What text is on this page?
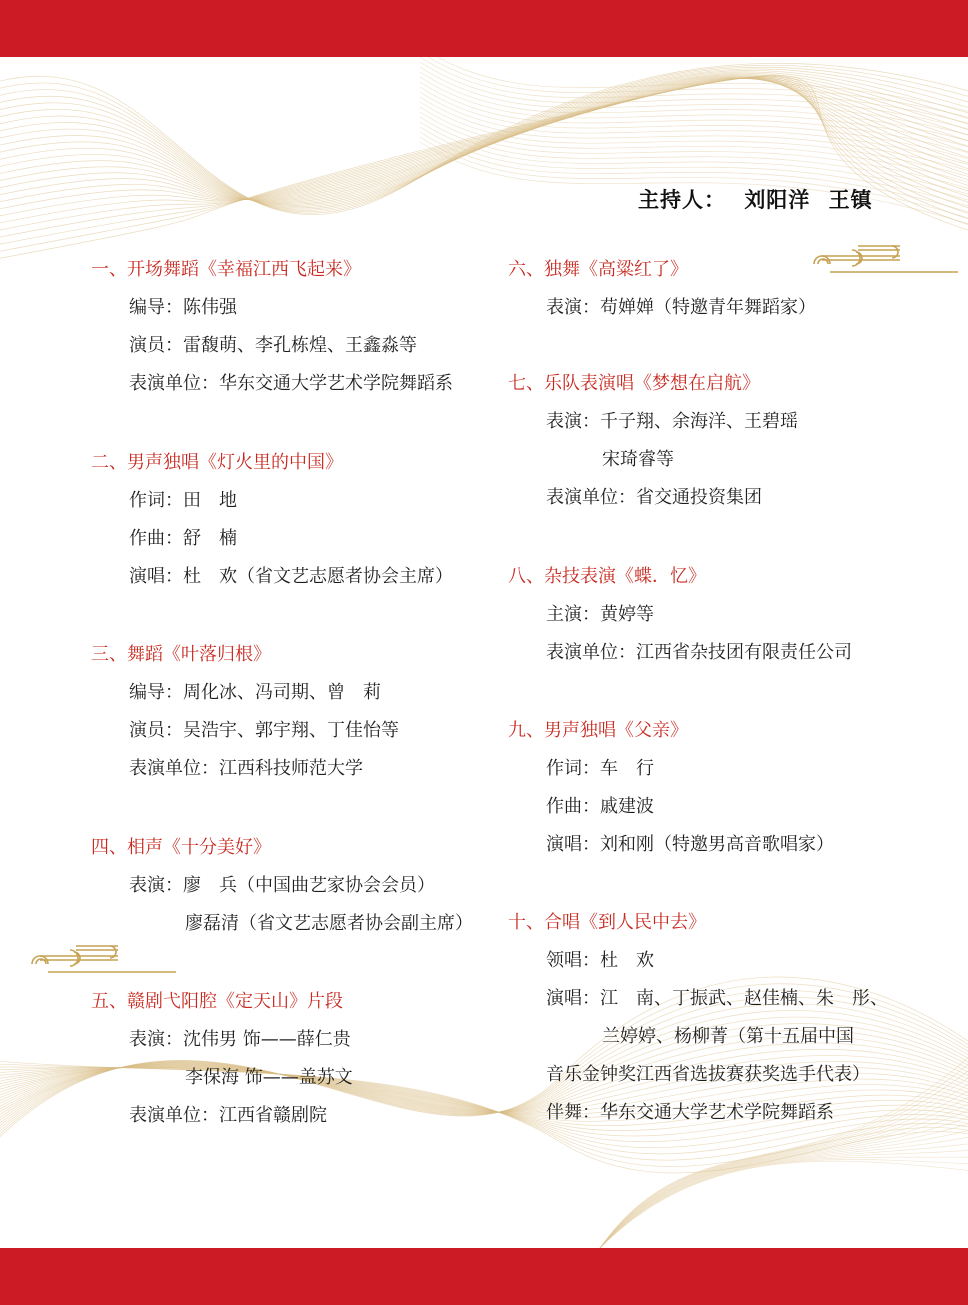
主持人： 刘阳洋 王镇
一、开场舞蹈《幸福江西飞起来》
编导：陈伟强
演员：雷馥萌、李孔栋煌、王鑫淼等
表演单位：华东交通大学艺术学院舞蹈系
二、男声独唱《灯火里的中国》
作词：田　地
作曲：舒　楠
演唱：杜　欢（省文艺志愿者协会主席）
三、舞蹈《叶落归根》
编导：周化冰、冯司期、曾　莉
演员：吴浩宇、郭宇翔、丁佳怡等
表演单位：江西科技师范大学
四、相声《十分美好》
表演：廖　兵（中国曲艺家协会会员）
廖磊清（省文艺志愿者协会副主席）
五、赣剧弋阳腔《定天山》片段
表演：沈伟男 饰——薛仁贵
李保海 饰——盖苏文
表演单位：江西省赣剧院
六、独舞《高粱红了》
表演：苟婵婵（特邀青年舞蹈家）
七、乐队表演唱《梦想在启航》
表演：千子翔、余海洋、王碧瑶
宋琦睿等
表演单位：省交通投资集团
八、杂技表演《蝶．忆》
主演：黄婷等
表演单位：江西省杂技团有限责任公司
九、男声独唱《父亲》
作词：车　行
作曲：戚建波
演唱：刘和刚（特邀男高音歌唱家）
十、合唱《到人民中去》
领唱：杜　欢
演唱：江　南、丁振武、赵佳楠、朱　彤、
兰婷婷、杨柳菁（第十五届中国
音乐金钟奖江西省选拔赛获奖选手代表）
伴舞：华东交通大学艺术学院舞蹈系
